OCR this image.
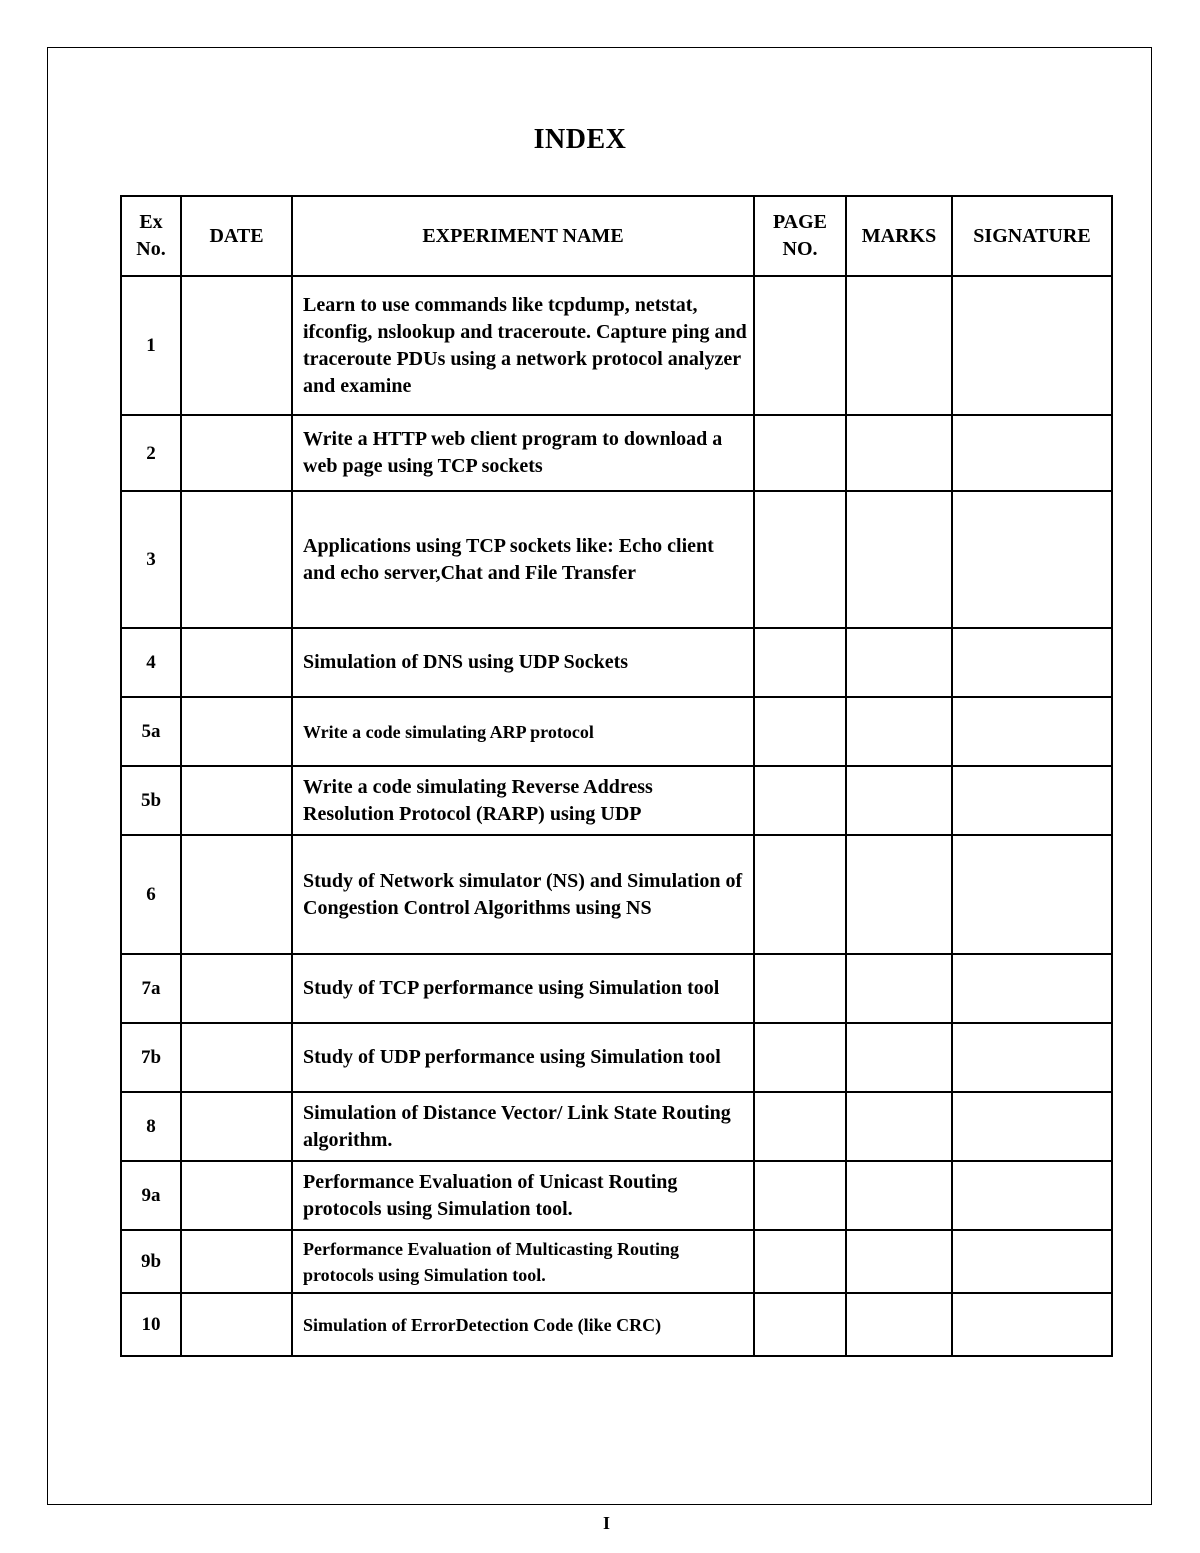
INDEX
Ex No.	DATE	EXPERIMENT NAME	PAGE NO.	MARKS	SIGNATURE
1		Learn to use commands like tcpdump, netstat, ifconfig, nslookup and traceroute. Capture ping and traceroute PDUs using a network protocol analyzer and examine			
2		Write a HTTP web client program to download a web page using TCP sockets			
3		Applications using TCP sockets like: Echo client and echo server,Chat and File Transfer			
4		Simulation of DNS using UDP Sockets			
5a		Write a code simulating ARP protocol			
5b		Write a code simulating Reverse Address Resolution Protocol (RARP) using UDP			
6		Study of Network simulator (NS) and Simulation of Congestion Control Algorithms using NS			
7a		Study of TCP performance using Simulation tool			
7b		Study of UDP performance using Simulation tool			
8		Simulation of Distance Vector/ Link State Routing algorithm.			
9a		Performance Evaluation of Unicast Routing protocols using Simulation tool.			
9b		Performance Evaluation of Multicasting Routing protocols using Simulation tool.			
10		Simulation of ErrorDetection Code (like CRC)			
I
